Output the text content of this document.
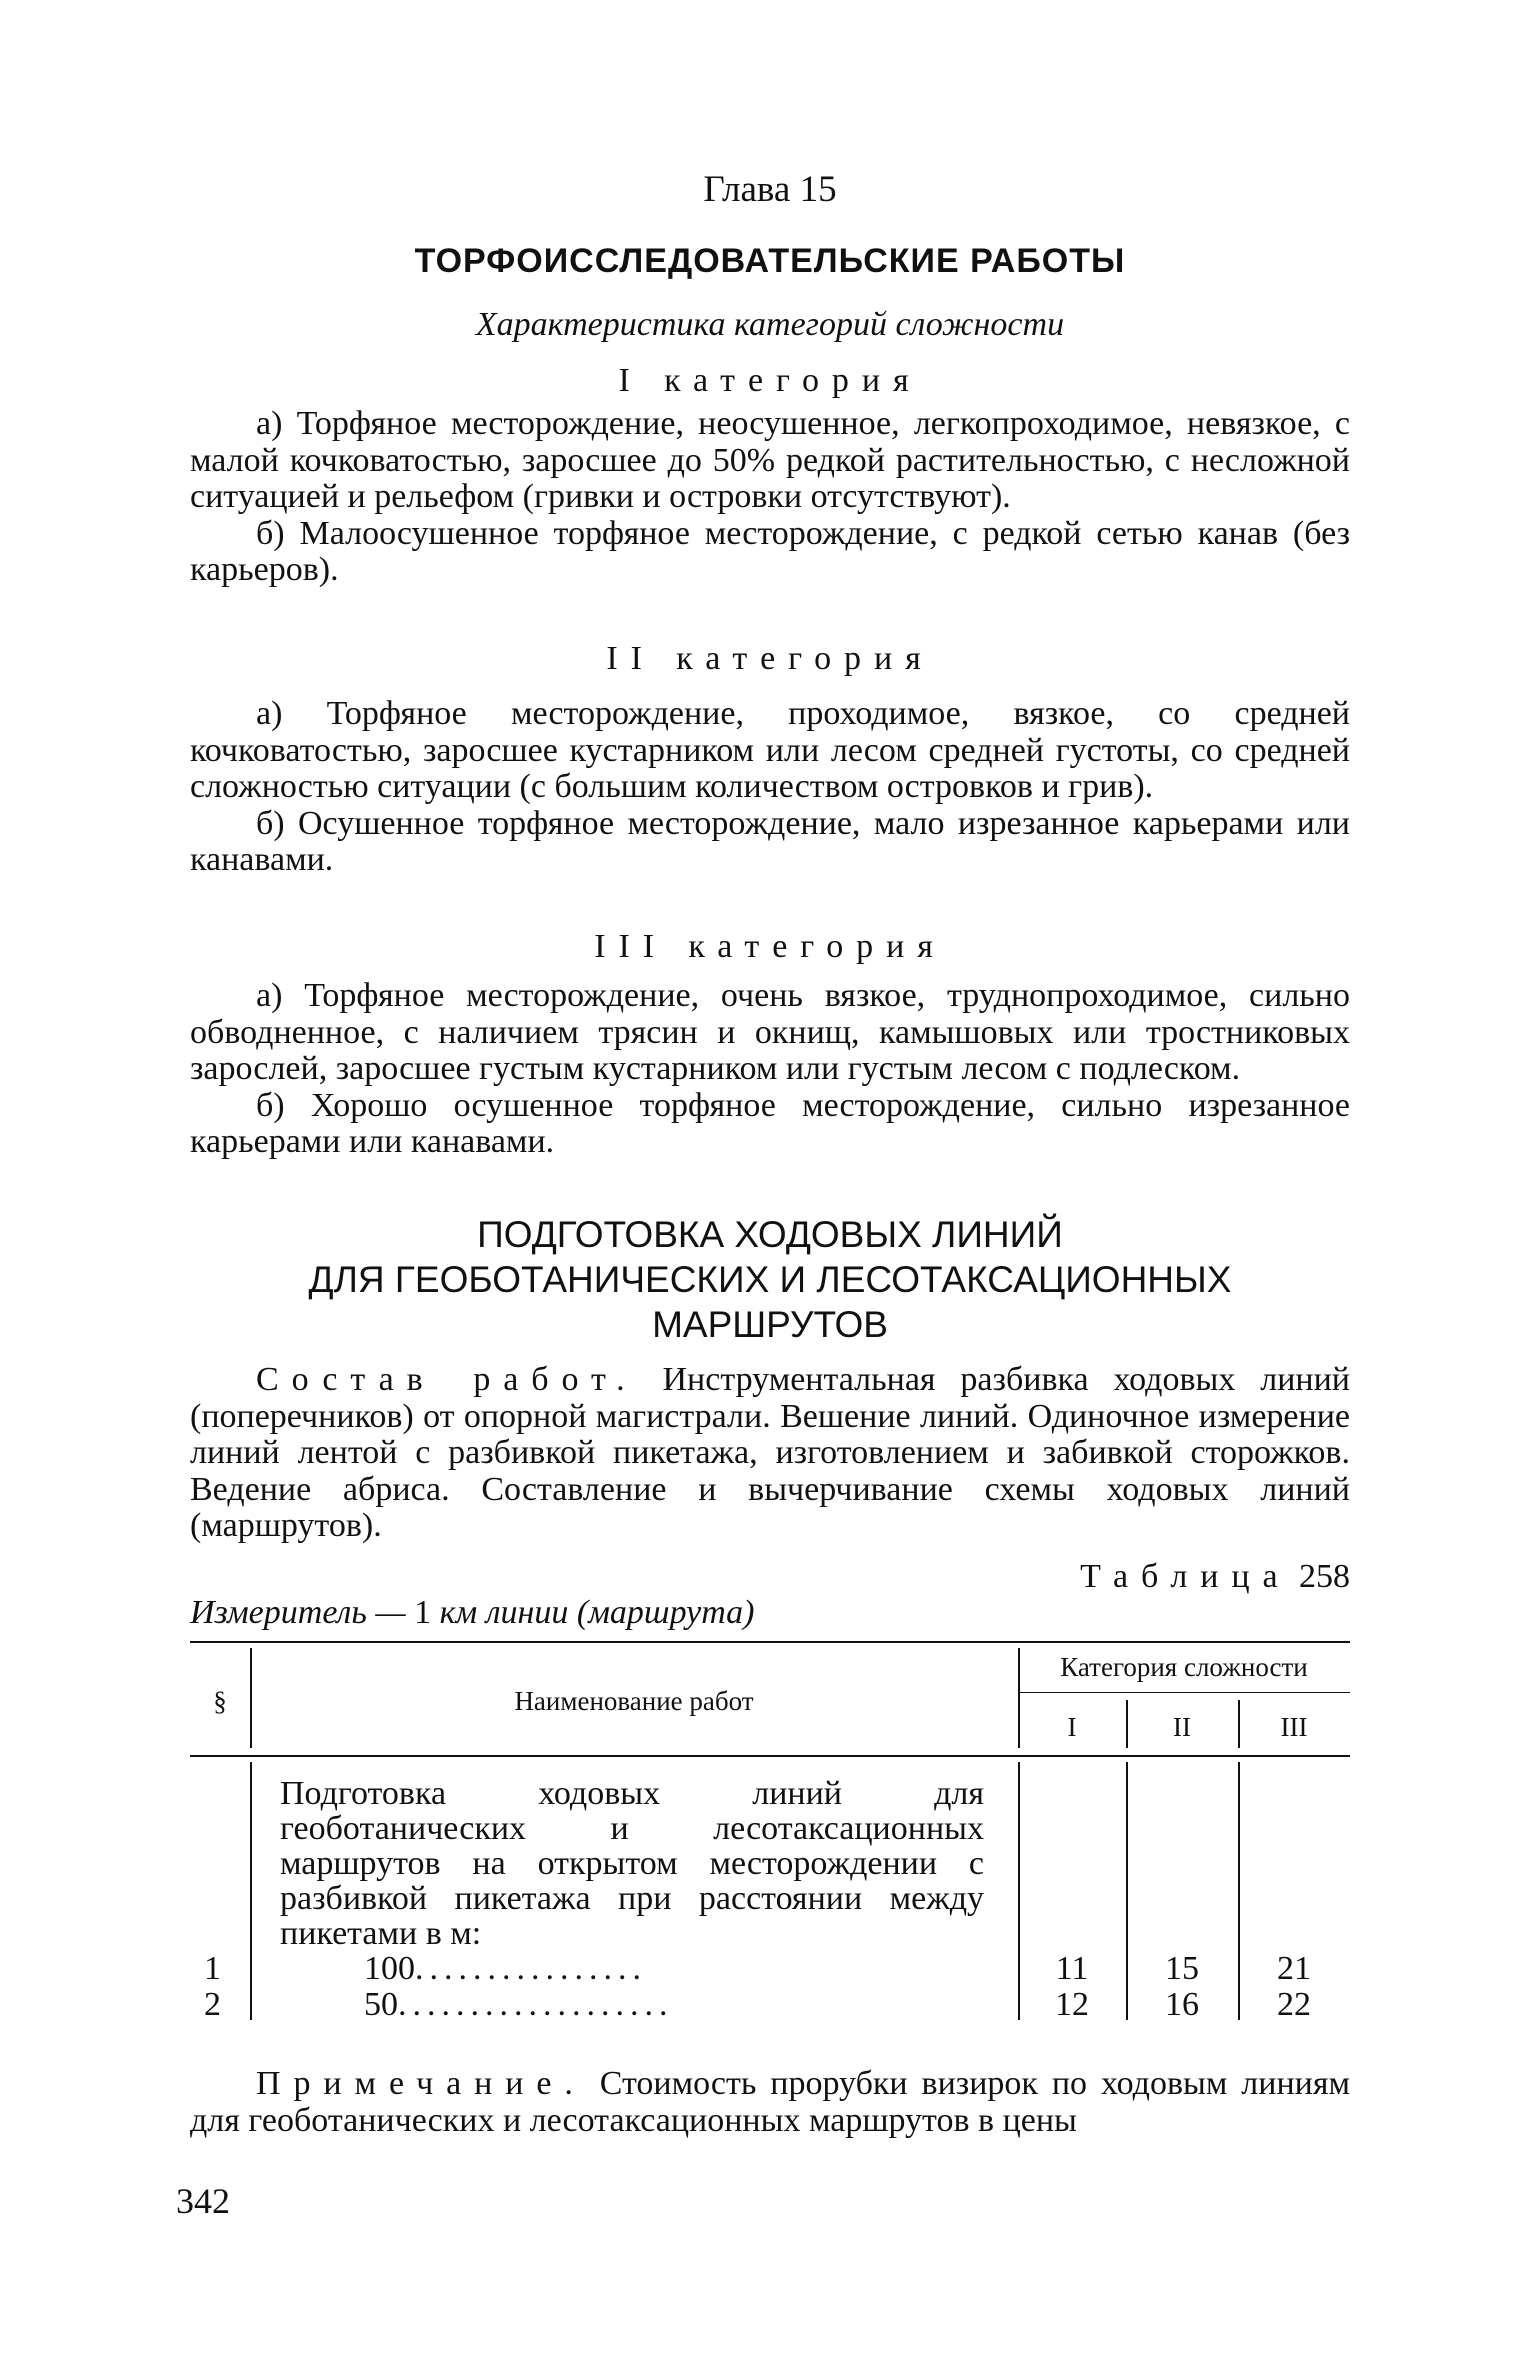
Глава 15
ТОРФОИССЛЕДОВАТЕЛЬСКИЕ РАБОТЫ
Характеристика категорий сложности
I категория

а) Торфяное месторождение, неосушенное, легкопроходимое, невязкое, с малой кочковатостью, заросшее до 50% редкой растительностью, с несложной ситуацией и рельефом (гривки и островки отсутствуют).

б) Малоосушенное торфяное месторождение, с редкой сетью канав (без карьеров).

II категория

а) Торфяное месторождение, проходимое, вязкое, со средней кочковатостью, заросшее кустарником или лесом средней густоты, со средней сложностью ситуации (с большим количеством островков и грив).

б) Осушенное торфяное месторождение, мало изрезанное карьерами или канавами.

III категория

а) Торфяное месторождение, очень вязкое, труднопроходимое, сильно обводненное, с наличием трясин и окнищ, камышовых или тростниковых зарослей, заросшее густым кустарником или густым лесом с подлеском.

б) Хорошо осушенное торфяное месторождение, сильно изрезанное карьерами или канавами.

ПОДГОТОВКА ХОДОВЫХ ЛИНИЙ
ДЛЯ ГЕОБОТАНИЧЕСКИХ И ЛЕСОТАКСАЦИОННЫХ
МАРШРУТОВ

Состав работ. Инструментальная разбивка ходовых линий (поперечников) от опорной магистрали. Вешение линий. Одиночное измерение линий лентой с разбивкой пикетажа, изготовлением и забивкой сторожков. Ведение абриса. Составление и вычерчивание схемы ходовых линий (маршрутов).

Таблица 258
Измеритель — 1 км линии (маршрута)
§	Наименование работ
Категория сложности
I	II	III
Подготовка ходовых линий для геоботанических и лесотаксационных маршрутов на открытом месторождении с разбивкой пикетажа при расстоянии между пикетами в м:
1	100................	11	15	21
2	50...................	12	16	22

Примечание. Стоимость прорубки визирок по ходовым линиям для геоботанических и лесотаксационных маршрутов в цены

342
